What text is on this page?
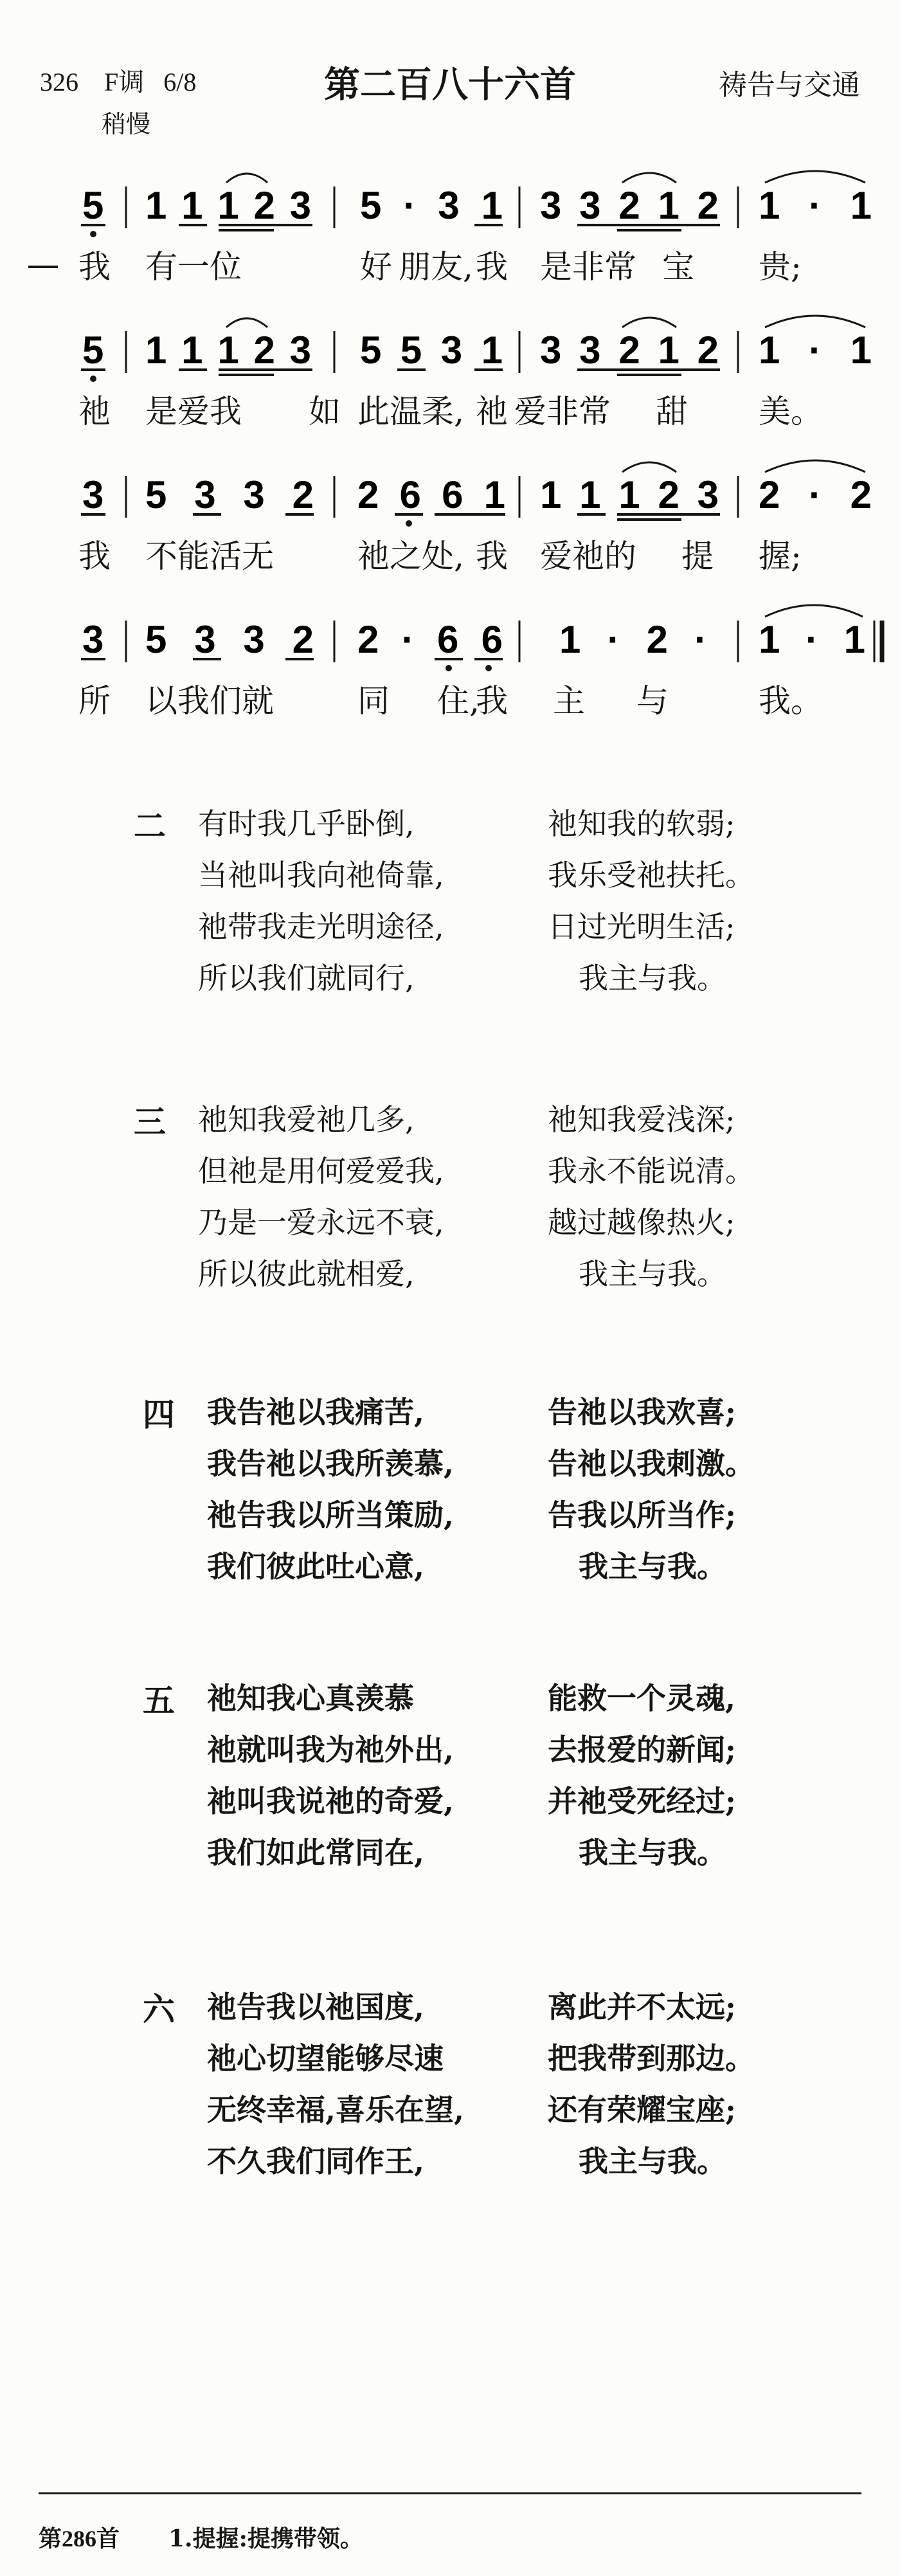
326 F调 6/8	第二百八十六首	祷告与交通
稍慢
5 1 1 1 2 3 5 · 3 1 3 3 2 1 2 1 · 1
5 1 1 1 2 3 5 5 3 1 3 3 2 1 2 1 · 1
3 5 3 3 2 2 6 6 1 1 1 1 2 3 2 · 2
3 5 3 3 2 2 · 6 6 1 · 2 · 1 · 1
我 有一位	好 朋友, 我 是非常 宝 贵;
祂 是爱我 如 此温柔, 祂 爱非常 甜 美。
我 不能活无	祂之处, 我 爱祂的 提 握;
所 以我们就	同 住,
我 主 与	我。
二 有时我几乎卧倒,	祂知我的软弱;
当祂叫我向祂倚靠,	我乐受祂扶托。
祂带我走光明途径,	日过光明生活;
所以我们就同行,	我主与我。
三 祂知我爱祂几多,	祂知我爱浅深;
但祂是用何爱爱我,	我永不能说清。
乃是一爱永远不衰,	越过越像热火;
所以彼此就相爱,	我主与我。
四 我告祂以我痛苦,	告祂以我欢喜;
我告祂以我所羡慕,	告祂以我刺激。
祂告我以所当策励,	告我以所当作;
我们彼此吐心意,	我主与我。
五 祂知我心真羡慕	能救一个灵魂,
祂就叫我为祂外出,	去报爱的新闻;
祂叫我说祂的奇爱,	并祂受死经过;
我们如此常同在,	我主与我。
六 祂告我以祂国度,	离此并不太远;
祂心切望能够尽速	把我带到那边。
无终幸福,喜乐在望,	还有荣耀宝座;
不久我们同作王,	我主与我。
第286首 1.提握:提携带领。
